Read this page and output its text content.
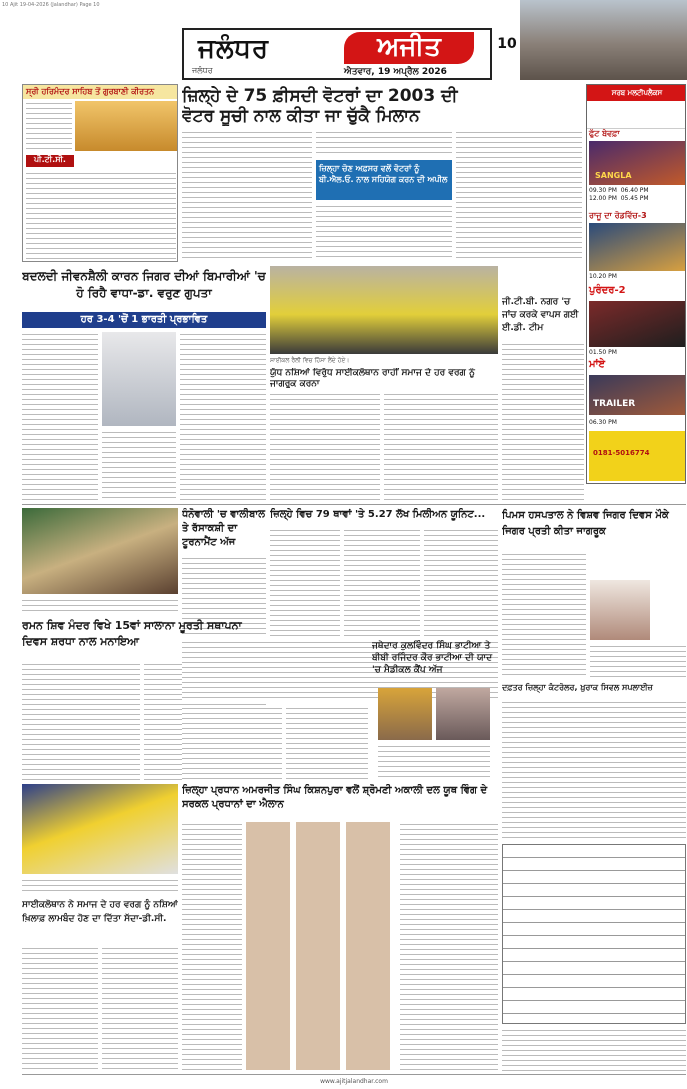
10 Ajit 19-04-2026 (Jalandhar) Page 10
ਜਲੰਧਰ	ਅਜੀਤ
ਜਲੰਧਰ	ਐਤਵਾਰ, 19 ਅਪ੍ਰੈਲ 2026
10
ਸ੍ਰੀ ਹਰਿਮੰਦਰ ਸਾਹਿਬ ਤੋਂ ਗੁਰਬਾਣੀ ਕੀਰਤਨ
ਪੀ.ਟੀ.ਸੀ.
ਜ਼ਿਲ੍ਹੇ ਦੇ 75 ਫ਼ੀਸਦੀ ਵੋਟਰਾਂ ਦਾ 2003 ਦੀ ਵੋਟਰ ਸੂਚੀ ਨਾਲ ਕੀਤਾ ਜਾ ਚੁੱਕੈ ਮਿਲਾਨ
ਜ਼ਿਲ੍ਹਾ ਚੋਣ ਅਫ਼ਸਰ ਵਲੋਂ ਵੋਟਰਾਂ ਨੂੰ ਬੀ.ਐਲ.ਓ. ਨਾਲ ਸਹਿਯੋਗ ਕਰਨ ਦੀ ਅਪੀਲ
ਸਰਬ ਮਲਟੀਪਲੈਕਸ
ਫੁੱਟ ਬੇਵਫ਼ਾ
SANGLA
09.30 PM 06.40 PM
12.00 PM 05.45 PM
ਰਾਜੂ ਦਾ ਰੋਡਵਿੱਚ-3
10.20 PM
ਪੁਰੰਦਰ-2
01.50 PM
ਮਾਂਏ
TRAILER
06.30 PM
0181-5016774
ਬਦਲਦੀ ਜੀਵਨਸ਼ੈਲੀ ਕਾਰਨ ਜਿਗਰ ਦੀਆਂ ਬਿਮਾਰੀਆਂ 'ਚ ਹੋ ਰਿਹੈ ਵਾਧਾ-ਡਾ. ਵਰੁਣ ਗੁਪਤਾ
ਹਰ 3-4 'ਚੋਂ 1 ਭਾਰਤੀ ਪ੍ਰਭਾਵਿਤ
ਸਾਈਕਲ ਰੈਲੀ ਵਿਚ ਹਿੱਸਾ ਲੈਂਦੇ ਹੋਏ।
ਯੁੱਧ ਨਸ਼ਿਆਂ ਵਿਰੁੱਧ ਸਾਈਕਲੋਥਾਨ ਰਾਹੀਂ ਸਮਾਜ ਦੇ ਹਰ ਵਰਗ ਨੂੰ ਜਾਗਰੂਕ ਕਰਨਾ
ਜੀ.ਟੀ.ਬੀ. ਨਗਰ 'ਚ ਜਾਂਚ ਕਰਕੇ ਵਾਪਸ ਗਈ ਈ.ਡੀ. ਟੀਮ
ਧੰਨੋਵਾਲੀ 'ਚ ਵਾਲੀਬਾਲ ਤੇ ਰੱਸਾਕਸ਼ੀ ਦਾ ਟੂਰਨਾਮੈਂਟ ਅੱਜ
ਰਮਨ ਸ਼ਿਵ ਮੰਦਰ ਵਿਖੇ 15ਵਾਂ ਸਾਲਾਨਾ ਮੂਰਤੀ ਸਥਾਪਨਾ ਦਿਵਸ ਸ਼ਰਧਾ ਨਾਲ ਮਨਾਇਆ
ਜ਼ਿਲ੍ਹੇ ਵਿਚ 79 ਥਾਵਾਂ 'ਤੇ 5.27 ਲੱਖ ਮਿਲੀਅਨ ਯੂਨਿਟ...
ਜਥੇਦਾਰ ਕੁਲਵਿੰਦਰ ਸਿੰਘ ਭਾਟੀਆ ਤੇ ਬੀਬੀ ਰਜਿੰਦਰ ਕੌਰ ਭਾਟੀਆ ਦੀ ਯਾਦ 'ਚ ਮੈਡੀਕਲ ਕੈਂਪ ਅੱਜ
ਪਿਮਸ ਹਸਪਤਾਲ ਨੇ ਵਿਸ਼ਵ ਜਿਗਰ ਦਿਵਸ ਮੌਕੇ ਜਿਗਰ ਪ੍ਰਤੀ ਕੀਤਾ ਜਾਗਰੂਕ
ਦਫ਼ਤਰ ਜ਼ਿਲ੍ਹਾ ਕੰਟਰੋਲਰ, ਖ਼ੁਰਾਕ ਸਿਵਲ ਸਪਲਾਈਜ਼
ਸਾਈਕਲੋਥਾਨ ਨੇ ਸਮਾਜ ਦੇ ਹਰ ਵਰਗ ਨੂੰ ਨਸ਼ਿਆਂ ਖ਼ਿਲਾਫ਼ ਲਾਮਬੰਦ ਹੋਣ ਦਾ ਦਿੱਤਾ ਸੱਦਾ-ਡੀ.ਸੀ.
ਜ਼ਿਲ੍ਹਾ ਪ੍ਰਧਾਨ ਅਮਰਜੀਤ ਸਿੰਘ ਕਿਸ਼ਨਪੁਰਾ ਵਲੋਂ ਸ਼੍ਰੋਮਣੀ ਅਕਾਲੀ ਦਲ ਯੂਥ ਵਿੰਗ ਦੇ ਸਰਕਲ ਪ੍ਰਧਾਨਾਂ ਦਾ ਐਲਾਨ
www.ajitjalandhar.com
